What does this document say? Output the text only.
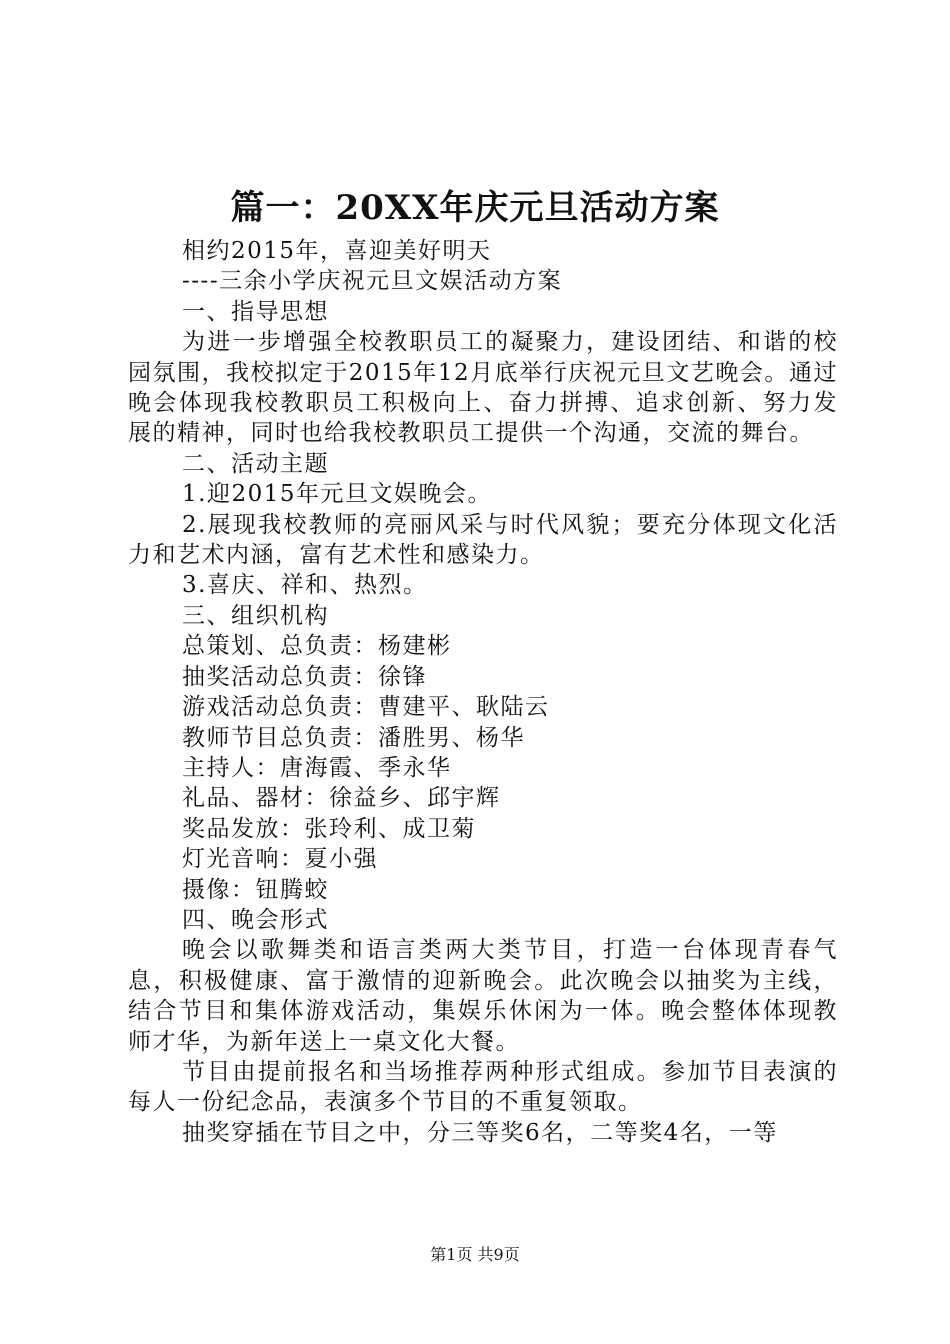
篇一：20XX年庆元旦活动方案

相约2015年，喜迎美好明天

----三余小学庆祝元旦文娱活动方案

一、指导思想

为进一步增强全校教职员工的凝聚力，建设团结、和谐的校园氛围，我校拟定于2015年12月底举行庆祝元旦文艺晚会。通过晚会体现我校教职员工积极向上、奋力拼搏、追求创新、努力发展的精神，同时也给我校教职员工提供一个沟通，交流的舞台。

二、活动主题

1.迎2015年元旦文娱晚会。

2.展现我校教师的亮丽风采与时代风貌；要充分体现文化活力和艺术内涵，富有艺术性和感染力。

3.喜庆、祥和、热烈。

三、组织机构

总策划、总负责：杨建彬

抽奖活动总负责：徐锋

游戏活动总负责：曹建平、耿陆云

教师节目总负责：潘胜男、杨华

主持人：唐海霞、季永华

礼品、器材：徐益乡、邱宇辉

奖品发放：张玲利、成卫菊

灯光音响：夏小强

摄像：钮腾蛟

四、晚会形式

晚会以歌舞类和语言类两大类节目，打造一台体现青春气息，积极健康、富于激情的迎新晚会。此次晚会以抽奖为主线，结合节目和集体游戏活动，集娱乐休闲为一体。晚会整体体现教师才华，为新年送上一桌文化大餐。

节目由提前报名和当场推荐两种形式组成。参加节目表演的每人一份纪念品，表演多个节目的不重复领取。

抽奖穿插在节目之中，分三等奖6名，二等奖4名，一等

第1页 共9页
